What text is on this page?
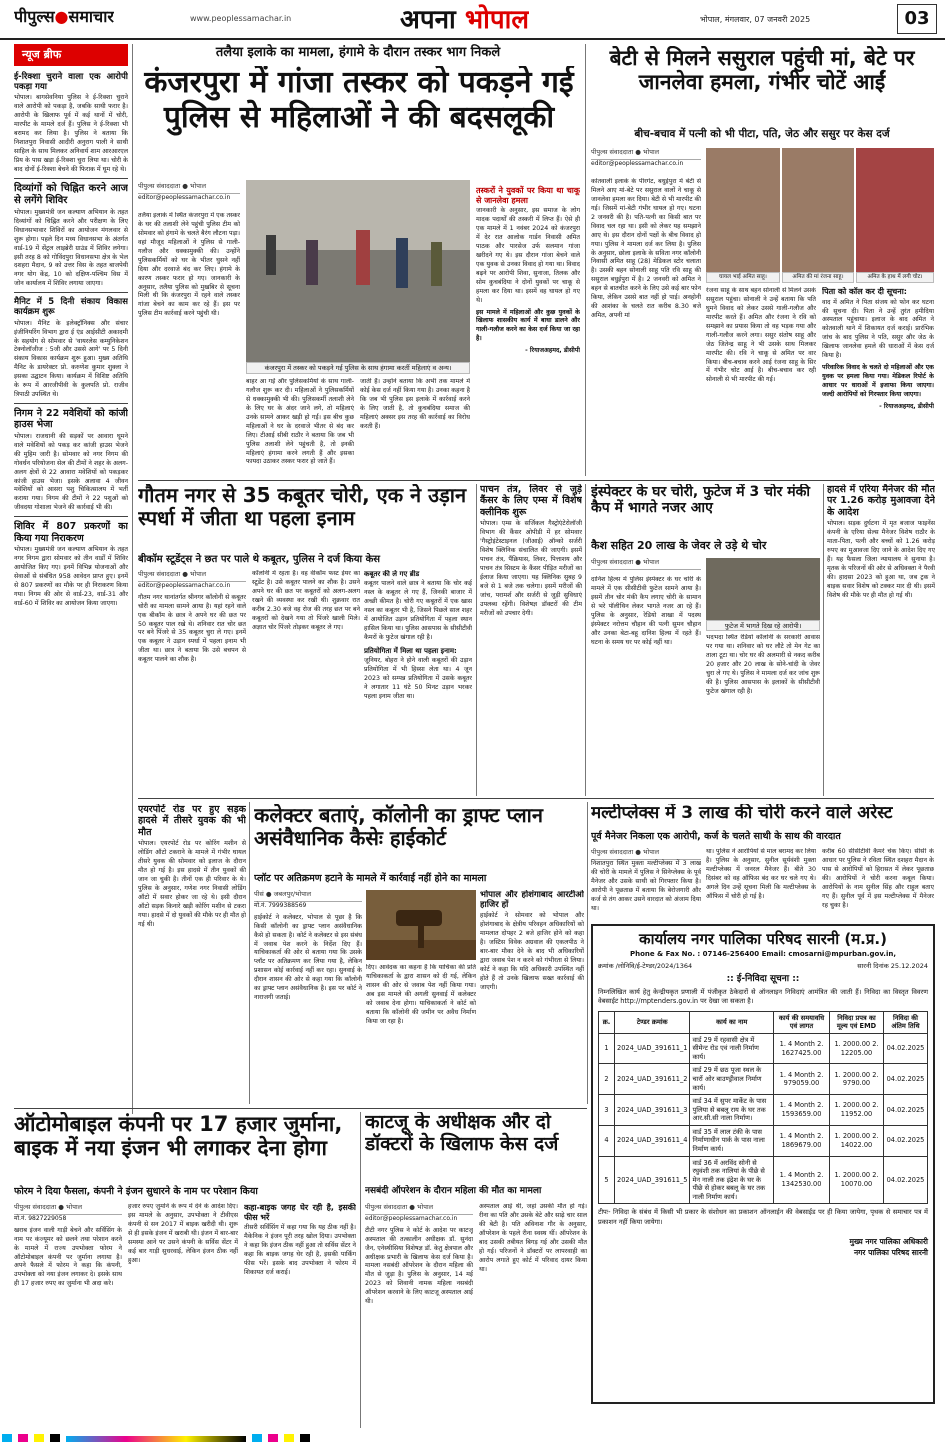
पीपुल्स●समाचार	www.peoplessamachar.in	अपना भोपाल	भोपाल, मंगलवार, 07 जनवरी 2025	03
न्यूज ब्रीफ
ई-रिक्शा चुराने वाला एक आरोपी पकड़ा गया
भोपाल। बागसेवनिया पुलिस ने ई-रिक्शा चुराने वाले आरोपी को पकड़ा है, जबकि साथी फरार है। आरोपी के खिलाफ पूर्व में कई थानों में चोरी, मारपीट के मामले दर्ज हैं। पुलिस ने ई-रिक्शा भी बरामद कर लिया है। पुलिस ने बताया कि निशातपुरा निवासी आदीरी अनुराग पाली ने साथी साहिल के साथ मिलकर अनिवार्य शाम आरआरएल प्रिय के पास खड़ा ई-रिक्शा चुरा लिया था। चोरी के बाद दोनों ई-रिक्शा बेचने की फिराक में घूम रहे थे।
दिव्यांगों को चिह्नित करने आज से लगेंगे शिविर
भोपाल। मुख्यमंत्री जन कल्याण अभियान के तहत दिव्यांगों को चिह्नित करने और परीक्षण के लिए विधानसभावार शिविरों का आयोजन मंगलवार से शुरू होगा। पहले दिन मध्य विधानसभा के अंतर्गत वार्ड-19 में सेंट्रल लाइब्रेरी ग्राउंड में शिविर लगेगा। इसी तरह 8 को गोविंदपुरा विधानसभा क्षेत्र के भेल दशहरा मैदान, 9 को उत्तर विस के तहत बाजपेयी नगर योग केंद्र, 10 को दक्षिण-पश्चिम विस में जोन कार्यालय में शिविर लगाया जाएगा।
मैनिट में 5 दिनी संकाय विकास कार्यक्रम शुरू
भोपाल। मैनिट के इलेक्ट्रॉनिक्स और संचार इंजीनियरिंग विभाग द्वारा ई एंड आईसीटी अकादमी के सहयोग से सोमवार से 'वायरलेस कम्युनिकेशन टेक्नोलॉजीज : 5जी और उससे आगे' पर 5 दिनी संकाय विकास कार्यक्रम शुरू हुआ। मुख्य अतिथि मैनिट के डायरेक्टर प्रो. करुणेश कुमार शुक्ला ने इसका उद्घाटन किया। कार्यक्रम में विशिष्ट अतिथि के रूप में आरजीपीवी के कुलपति प्रो. राजीव त्रिपाठी उपस्थित थे।
निगम ने 22 मवेशियों को कांजी हाउस भेजा
भोपाल। राजधानी की सड़कों पर आवारा घूमने वाले मवेशियों को पकड़ कर कांजी हाउस भेजने की मुहिम जारी है। सोमवार को नगर निगम की गोवर्धन परियोजना सेल की टीमों ने शहर के अलग-अलग क्षेत्रों से 22 आवारा मवेशियों को पकड़कर कांजी हाउस भेजा। इसके अलावा 4 जीवन मवेशियों को आसरा पशु चिकित्सालय में भर्ती कराया गया। निगम की टीमों ने 22 पशुओं को जीवदया गोशाला भेजने की कार्रवाई भी की।
शिविर में 807 प्रकरणों का किया गया निराकरण
भोपाल। मुख्यमंत्री जन कल्याण अभियान के तहत नगर निगम द्वारा सोमवार को तीन वार्डों में शिविर आयोजित किए गए। इनमें विभिन्न योजनाओं और सेवाओं से संबंधित 958 आवेदन प्राप्त हुए। इनमें से 807 प्रकरणों का मौके पर ही निराकरण किया गया। निगम की ओर से वार्ड-23, वार्ड-31 और वार्ड-60 में शिविर का आयोजन किया जाएगा।
तलैया इलाके का मामला, हंगामे के दौरान तस्कर भाग निकले
कंजरपुरा में गांजा तस्कर को पकड़ने गई पुलिस से महिलाओं ने की बदसलूकी
पीपुल्स संवाददाता ● भोपाल
editor@peoplessamachar.co.in
कंजरपुरा में तस्कर को पकड़ने गई पुलिस के साथ हंगामा करतीं महिलाएं व अन्य।
तलैया इलाके में स्थित कंजरपुरा में एक तस्कर के घर की तलाशी लेने पहुंची पुलिस टीम को सोमवार को हंगामे के चलते बैरंग लौटना पड़ा। वहां मौजूद महिलाओं ने पुलिस से गाली-गलौज और धक्कामुक्की की। उन्होंने पुलिसकर्मियों को घर के भीतर घुसने नहीं दिया और दरवाजे बंद कर लिए। हंगामे के कारण तस्कर फरार हो गए। जानकारी के अनुसार, तलैया पुलिस को मुखबिर से सूचना मिली थी कि कंजरपुरा में रहने वाले तस्कर गांजा बेचने का काम कर रहे हैं। इस पर पुलिस टीम कार्रवाई करने पहुंची थी।
बाहर आ गईं और पुलिसकर्मियों के साथ गाली-गलौज शुरू कर दी। महिलाओं ने पुलिसकर्मियों से धक्कामुक्की भी की। पुलिसकर्मी तलाशी लेने के लिए घर के अंदर जाने लगे, तो महिलाएं उनके सामने आकर खड़ी हो गईं। इस बीच कुछ महिलाओं ने घर के दरवाजे भीतर से बंद कर लिए। टीआई सीबी राठौर ने बताया कि जब भी पुलिस तलाशी लेने पहुंचती है, तो इनकी महिलाएं हंगामा करने लगती हैं और इसका फायदा उठाकर तस्कर फरार हो जाते हैं।
जाती हैं। उन्होंने बताया कि अभी तक मामले में कोई केस दर्ज नहीं किया गया है। उनका कहना है कि जब भी पुलिस इस इलाके में कार्रवाई करने के लिए जाती है, तो कुचबंदिया समाज की महिलाएं अक्सर इस तरह की कार्रवाई का विरोध करती हैं।
तस्करों ने युवकों पर किया था चाकू से जानलेवा हमला
जानकारी के अनुसार, इस समाज के लोग मादक पदार्थों की तस्करी में लिप्त हैं। ऐसे ही एक मामले में 1 नवंबर 2024 को कंजरपुरा में देर रात आलोक गार्डन निवासी अमित पाठक और पारसेज उर्फ सलमान गांजा खरीदने गए थे। इस दौरान गांजा बेचने वाले एक युवक से उनका विवाद हो गया था। विवाद बढ़ने पर आरोपी शिवा, सुनाजा, तिलक और सोम कुचबंदिया ने दोनों युवकों पर चाकू से हमला कर दिया था। इसमें वह घायल हो गए थे।
इस मामले में महिलाओं और कुछ युवकों के खिलाफ शासकीय कार्य में बाधा डालने और गाली-गलौज करने का केस दर्ज किया जा रहा है।
- रियाजअहमद, डीसीपी
बेटी से मिलने ससुराल पहुंची मां, बेटे पर जानलेवा हमला, गंभीर चोटें आईं
बीच-बचाव में पत्नी को भी पीटा, पति, जेठ और ससुर पर केस दर्ज
पीपुल्स संवाददाता ● भोपाल
editor@peoplessamachar.co.in
घायल भाई अमित साहू।	अमित की मां रंजना साहू।	अमित के हाथ में लगी चोट।
कोतवाली इलाके के पीरगेट, बधुईपुरा में बेटी से मिलने आए मां-बेटे पर ससुराल वालों ने चाकू से जानलेवा हमला कर दिया। बेटी से भी मारपीट की गई। जिसमें मां-बेटी गंभीर घायल हो गए। घटना 2 जनवरी की है। पति-पत्नी का किसी बात पर विवाद चल रहा था। इसी को लेकर यह समझाने आए थे। इस दौरान दोनों पक्षों के बीच विवाद हो गया। पुलिस ने मामला दर्ज कर लिया है। पुलिस के अनुसार, छोला इलाके के सविता नगर कॉलोनी निवासी अमित साहू (28) मेडिकल स्टोर चलाता है। उसकी बहन सोनाली साहू पति रवि साहू की ससुराल बधुईपुरा में है। 2 जनवरी को अमित ने बहन से बातचीत करने के लिए उसे कई बार फोन किया, लेकिन उससे बात नहीं हो पाई। अनहोनी की आशंका के चलते रात करीब 8.30 बजे अमित, अपनी मां
रंजना साहू के साथ बहन सोनाली से मिलने उसके ससुराल पहुंचा। सोनाली ने उन्हें बताया कि पति घुमने विवाद को लेकर उससे गाली-गलौज और मारपीट करते हैं। अमित और रंजना ने रवि को समझाने का प्रयास किया तो वह भड़क गया और गाली-गलौज करने लगा। ससुर संतोष साहू और जेठ जितेन्द्र साहू ने भी उसके साथ मिलकर मारपीट की। रवि ने चाकू से अमित पर वार किया। बीच-बचाव करने आई रंजना साहू के सिर में गंभीर चोट आई है। बीच-बचाव कर रही सोनाली से भी मारपीट की गई।
पिता को कॉल कर दी सूचना:
वाद में अमित ने पिता संजय को फोन कर घटना की सूचना दी। पिता ने उन्हें तुरंत हमीदिया अस्पताल पहुंचाया। इलाज के बाद अमित ने कोतवाली थाने में शिकायत दर्ज कराई। प्रारंभिक जांच के बाद पुलिस ने पति, ससुर और जेठ के खिलाफ जानलेवा हमले की धाराओं में केस दर्ज किया है।
परिवारिक विवाद के चलते दो महिलाओं और एक युवक पर हमला किया गया। मेडिकल रिपोर्ट के आधार पर धाराओं में इजाफा किया जाएगा। जल्दी आरोपियों को गिरफ्तार किया जाएगा।
- रियाजअहमद, डीसीपी
गौतम नगर से 35 कबूतर चोरी, एक ने उड़ान स्पर्धा में जीता था पहला इनाम
बीकॉम स्टूडेंट्स ने छत पर पाले थे कबूतर, पुलिस ने दर्ज किया केस
पीपुल्स संवाददाता ● भोपाल
editor@peoplessamachar.co.in
गौतम नगर थानांतर्गत श्रीनगर कॉलोनी से कबूतर चोरी का मामला सामने आया है। यहां रहने वाले एक बीकॉम के छात्र ने अपने घर की छत पर 50 कबूतर पाल रखे थे। शनिवार रात चोर छत पर बने पिंजरे से 35 कबूतर चुरा ले गए। इनमें एक कबूतर ने उड़ान स्पर्धा में पहला इनाम भी जीता था। छात्र ने बताया कि उसे बचपन से कबूतर पालने का शौक है।
कॉलोनी में रहता है। वह वीकॉम फस्ट ईयर का स्टूडेंट है। उसे कबूतर पालने का शौक है। उसने अपने घर की छत पर कबूतरों को अलग-अलग रखने की व्यवस्था कर रखी थी। शुक्रवार रात करीब 2.30 बजे वह रोज की तरह छत पर बने कबूतरों को देखने गया तो पिंजरे खाली मिले। अज्ञात चोर पिंजरे तोड़कर कबूतर ले गए।
कबूतर की ले गए ब्रीड
कबूतर पालने वाले छात्र ने बताया कि चोर कई नस्ल के कबूतर ले गए हैं, जिनकी बाजार में अच्छी कीमत है। चोरी गए कबूतरों में एक खास नस्ल का कबूतर भी है, जिसने पिछले साल शहर में आयोजित उड़ान प्रतियोगिता में पहला स्थान हासिल किया था। पुलिस आसपास के सीसीटीवी कैमरों के फुटेज खंगाल रही है।
प्रतियोगिता में मिला था पहला इनाम:
जूनियर, बोहरा ने होने वाली कबूतरों की उड़ान प्रतियोगिता में भी हिस्सा लेता था। 4 जून 2023 को सम्पन्न प्रतियोगिता में उसके कबूतर ने लगातार 11 घंटे 50 मिनट उड़ान भरकर पहला इनाम जीता था।
पाचन तंत्र, लिवर से जुड़े कैंसर के लिए एम्स में विशेष क्लीनिक शुरू
भोपाल। एम्स के सर्जिकल गैस्ट्रोएंटेरोलॉजी विभाग की कैंसर ओपीडी में हर सोमवार 'गैस्ट्रोइंटेस्टाइनल (जीआई) ऑन्को सर्जरी विशेष क्लिनिक संचालित की जाएगी। इसमें पाचन तंत्र, पैंक्रियास, लिवर, पित्ताशय और पाचन तंत्र सिस्टम के कैंसर पीड़ित मरीजों का ईलाज किया जाएगा। यह क्लिनिक सुबह 9 बजे से 1 बजे तक चलेगा। इसमें मरीजों की जांच, परामर्श और सर्जरी से जुड़ी सुविधाएं उपलब्ध रहेंगी। विशेषज्ञ डॉक्टरों की टीम मरीजों को उपचार देगी।
इंस्पेक्टर के घर चोरी, फुटेज में 3 चोर मंकी कैप में भागते नजर आए
कैश सहित 20 लाख के जेवर ले उड़े थे चोर
पीपुल्स संवाददाता ● भोपाल
फुटेज में भागते दिख रहे आरोपी।
दानिश हिल्स में पुलिस इंस्पेक्टर के घर चोरी के मामले में एक सीसीटीवी फुटेज सामने आया है। इसमें तीन चोर मंकी कैप लगाए चोरी के सामान से भरे पॉलीथिन लेकर भागते नजर आ रहे हैं। पुलिस के अनुसार, रेडियो शाखा में पदस्थ इंस्पेक्टर नरोत्तम चौहान की पत्नी सुमन चौहान और उनका बेटा-बहू दानिश हिल्स में रहते हैं। घटना के समय घर पर कोई नहीं था।
भदभदा स्थित रेडियो कॉलोनी के सरकारी आवास पर गया था। शनिवार को घर लौटे तो मेन गेट का ताला टूटा था। चोर घर की अलमारी से नकद करीब 20 हजार और 20 लाख के सोने-चांदी के जेवर चुरा ले गए थे। पुलिस ने मामला दर्ज कर जांच शुरू की है। पुलिस आसपास के इलाकों के सीसीटीवी फुटेज खंगाल रही है।
हादसे में एरिया मैनेजर की मौत पर 1.26 करोड़ मुआवजा देने के आदेश
भोपाल। सड़क दुर्घटना में मृत बजाज फाइनेंस कंपनी के एरिया सेल्स मैनेजर विशेष राठौर के माता-पिता, पत्नी और बच्चों को 1.26 करोड़ रुपए का मुआवजा दिए जाने के आदेश दिए गए हैं। यह फैसला जिला न्यायालय ने सुनाया है। मृतक के परिजनों की ओर से अधिवक्ता ने पैरवी की। हादसा 2023 को हुआ था, जब ट्रक ने बाइक सवार विशेष को टक्कर मार दी थी। इसमें विशेष की मौके पर ही मौत हो गई थी।
एयरपोर्ट रोड पर हुए सड़क हादसे में तीसरे युवक की भी मौत
भोपाल। एयरपोर्ट रोड पर कोरिंग मशीन से लोडिंग ऑटो टकराने के मामले में गंभीर घायल तीसरे युवक की सोमवार को इलाज के दौरान मौत हो गई है। इस हादसे में तीन युवकों की जान जा चुकी है। तीनों एक ही परिवार के थे। पुलिस के अनुसार, गणेश नगर निवासी लोडिंग ऑटो में सवार होकर जा रहे थे। इसी दौरान ऑटो सड़क किनारे खड़ी कोरिंग मशीन से टकरा गया। हादसे में दो युवकों की मौके पर ही मौत हो गई थी।
कलेक्टर बताएं, कॉलोनी का ड्राफ्ट प्लान असंवैधानिक कैसेः हाईकोर्ट
प्लॉट पर अतिक्रमण हटाने के मामले में कार्रवाई नहीं होने का मामला
पीसं ● जबलपुर/भोपाल
मो.नं. 7999388569
हाईकोर्ट ने कलेक्टर, भोपाल से पूछा है कि किसी कॉलोनी का ड्राफ्ट प्लान असंवैधानिक कैसे हो सकता है। कोर्ट ने कलेक्टर से इस संबंध में जवाब पेश करने के निर्देश दिए हैं। याचिकाकर्ता की ओर से बताया गया कि उसके प्लॉट पर अतिक्रमण कर लिया गया है, लेकिन प्रशासन कोई कार्रवाई नहीं कर रहा। सुनवाई के दौरान शासन की ओर से कहा गया कि कॉलोनी का ड्राफ्ट प्लान असंवैधानिक है। इस पर कोर्ट ने नाराजगी जताई।
दिए। आवेदक का कहना है कि याचिका की प्रति याचिकाकर्ता के द्वारा शासन को दी गई, लेकिन शासन की ओर से जवाब पेश नहीं किया गया। अब इस मामले की अगली सुनवाई में कलेक्टर को जवाब देना होगा। याचिकाकर्ता ने कोर्ट को बताया कि कॉलोनी की जमीन पर अवैध निर्माण किया जा रहा है।
भोपाल और होशंगाबाद आरटीओ हाजिर हों
हाईकोर्ट ने सोमवार को भोपाल और होशंगाबाद के क्षेत्रीय परिवहन अधिकारियों को मामलात दोपहर 2 बजे हाजिर होने को कहा है। जस्टिस विवेक अग्रवाल की एकलपीठ ने बार-बार मौका देने के बाद भी अधिकारियों द्वारा जवाब पेश न करने को गंभीरता से लिया। कोर्ट ने कहा कि यदि अधिकारी उपस्थित नहीं होते हैं तो उनके खिलाफ सख्त कार्रवाई की जाएगी।
मल्टीप्लेक्स में 3 लाख की चोरी करने वाले अरेस्ट
पूर्व मैनेजर निकला एक आरोपी, कर्ज के चलते साथी के साथ की वारदात
पीपुल्स संवाददाता ● भोपाल
निशातपुरा स्थित मुक्ता मल्टीप्लेक्स में 3 लाख की चोरी के मामले में पुलिस ने सिनेप्लेक्स के पूर्व मैनेजर और उसके साथी को गिरफ्तार किया है। आरोपी ने पूछताछ में बताया कि बेरोजगारी और कर्ज से तंग आकर उसने वारदात को अंजाम दिया था।
था। पुलिस ने आरोपियों से माल बरामद कर लिया है। पुलिस के अनुसार, सुनील सूर्यवंशी मुक्ता मल्टीप्लेक्स में जनरल मैनेजर हैं। बीते 30 दिसंबर को वह ऑफिस बंद कर घर चले गए थे। अगले दिन उन्हें सूचना मिली कि मल्टीप्लेक्स के ऑफिस में चोरी हो गई है।
करीब 60 सीसीटीवी कैमरे चेक किए। सीसी के आधार पर पुलिस ने रविता स्थित दशहरा मैदान के पास से आरोपियों को हिरासत में लेकर पूछताछ की। आरोपियों ने चोरी करना कबूल किया। आरोपियों के नाम सुनील सिंह और राहुल बताए गए हैं। सुनील पूर्व में इस मल्टीप्लेक्स में मैनेजर रह चुका है।
कार्यालय नगर पालिका परिषद सारनी (म.प्र.)
Phone & Fax No. : 07146-256400 Email: cmosarni@mpurban.gov.in,
क्रमांक /लोनिवि/ई-टेण्डर/2024/1364	सारनी दिनांक 25.12.2024
:: ई-निविदा सूचना ::
निम्नलिखित कार्य हेतु केन्द्रीयकृत प्रणाली में पंजीकृत ठेकेदारों से ऑनलाइन निविदाएं आमंत्रित की जाती हैं। निविदा का विस्तृत विवरण वेबसाईट http://mptenders.gov.in पर देखा जा सकता है।
क्र.	टेण्डर क्रमांक	कार्य का नाम	कार्य की समयावधि एवं लागत	निविदा प्रपत्र का मूल्य एवं EMD	निविदा की अंतिम तिथि
1	2024_UAD_391611_1	वार्ड 29 में रहवासी क्षेत्र में सीमेन्ट रोड एवं नाली निर्माण कार्य।	1. 4 Month 2. 1627425.00	1. 2000.00 2. 12205.00	04.02.2025
2	2024_UAD_391611_2	वार्ड 29 में छठ पूजा स्थल के चारों ओर बाउण्ड्रीवाल निर्माण कार्य।	1. 4 Month 2. 979059.00	1. 2000.00 2. 9790.00	04.02.2025
3	2024_UAD_391611_3	वार्ड 34 में सुपर मार्केट के पास पुलिया से बबलू राय के घर तक आर.सी.सी नाला निर्माण।	1. 4 Month 2. 1593659.00	1. 2000.00 2. 11952.00	04.02.2025
4	2024_UAD_391611_4	वार्ड 35 में लाल टंकी के पास निर्माणाधीन पार्क के पास नाला निर्माण कार्य।	1. 4 Month 2. 1869679.00	1. 2000.00 2. 14022.00	04.02.2025
5	2024_UAD_391611_5	वार्ड 36 में अरविंद सोनी से रघुवंशी तक नालियां के पीछे से मेन नाली तक इंद्रेश के घर के पीछे से होकर बबलू के घर तक नाली निर्माण कार्य।	1. 4 Month 2. 1342530.00	1. 2000.00 2. 10070.00	04.02.2025
टीपः- निविदा के संबंध में किसी भी प्रकार के संशोधन का प्रकाशन ऑनलाईन की वेबसाईड पर ही किया जायेगा, पृथक से समाचार पत्र में प्रकाशन नहीं किया जायेगा।
मुख्य नगर पालिका अधिकारी
नगर पालिका परिषद सारनी
ऑटोमोबाइल कंपनी पर 17 हजार जुर्माना, बाइक में नया इंजन भी लगाकर देना होगा
फोरम ने दिया फैसला, कंपनी ने इंजन सुधारने के नाम पर परेशान किया
पीपुल्स संवाददाता ● भोपाल
मो.नं. 9827229058
खराब इंजन वाली गाड़ी बेचने और सर्विसिंग के नाम पर कंज्यूमर को छलने तथा परेशान करने के मामले में राज्य उपभोक्ता फोरम ने ऑटोमोबाइल कंपनी पर जुर्माना लगाया है। अपने फैसले में फोरम ने कहा कि कंपनी, उपभोक्ता को नया इंजन लगाकर दे। इसके साथ ही 17 हजार रुपए का जुर्माना भी अदा करे।
हजार रुपए जुर्माने के रूप में देने के आदेश दिए। इस मामले के अनुसार, उपभोक्ता ने टीवीएस कंपनी से सन 2017 में बाइक खरीदी थी। शुरू से ही इसके इंजन में खराबी थी। इंजन में बार-बार समस्या आने पर उसने कंपनी के सर्विस सेंटर में कई बार गाड़ी सुधरवाई, लेकिन इंजन ठीक नहीं हुआ।
कहा-बाइक जगह घेर रही है, इसकी फीस भरें
तीसरी सर्विसिंग में कहा गया कि यह ठीक नहीं है। मैकेनिक ने इंजन पूरी तरह खोल दिया। उपभोक्ता ने कहा कि इंजन ठीक नहीं हुआ तो सर्विस सेंटर ने कहा कि बाइक जगह घेर रही है, इसकी पार्किंग फीस भरें। इसके बाद उपभोक्ता ने फोरम में शिकायत दर्ज कराई।
काटजू के अधीक्षक और दो डॉक्टरों के खिलाफ केस दर्ज
नसबंदी ऑपरेशन के दौरान महिला की मौत का मामला
पीपुल्स संवाददाता ● भोपाल
editor@peoplessamachar.co.in
टीटी नगर पुलिस ने कोर्ट के आदेश पर काटजू अस्पताल की तत्कालीन अधीक्षक डॉ. सुनंदा जैन, एनेस्थीसिया विशेषज्ञ डॉ. केतु क्षेत्रपाल और अधीक्षक प्रभारी के खिलाफ केस दर्ज किया है। मामला नसबंदी ऑपरेशन के दौरान महिला की मौत से जुड़ा है। पुलिस के अनुसार, 14 मई 2023 को शिवानी नामक महिला नसबंदी ऑपरेशन करवाने के लिए काटजू अस्पताल आई थी।
अस्पताल आई थी, जहां उसकी मौत हो गई। रीना का पति और उसके बेटे और साढ़े चार साल की बेटी है। पति अविनाश गौर के अनुसार, ऑपरेशन के पहले रीना स्वस्थ थीं। ऑपरेशन के बाद उसकी तबीयत बिगड़ गई और उसकी मौत हो गई। परिजनों ने डॉक्टरों पर लापरवाही का आरोप लगाते हुए कोर्ट में परिवाद दायर किया था।
